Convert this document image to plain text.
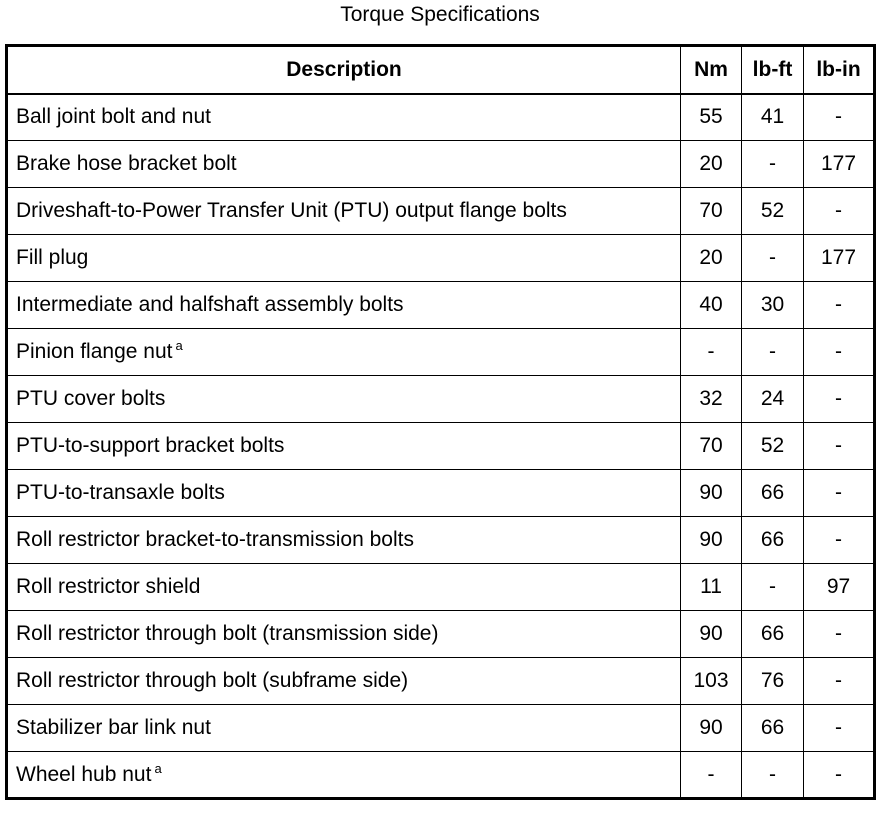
Torque Specifications
Description	Nm	lb-ft	lb-in
Ball joint bolt and nut	55	41	-
Brake hose bracket bolt	20	-	177
Driveshaft-to-Power Transfer Unit (PTU) output flange bolts	70	52	-
Fill plug	20	-	177
Intermediate and halfshaft assembly bolts	40	30	-
Pinion flange nut $^a$	-	-	-
PTU cover bolts	32	24	-
PTU-to-support bracket bolts	70	52	-
PTU-to-transaxle bolts	90	66	-
Roll restrictor bracket-to-transmission bolts	90	66	-
Roll restrictor shield	11	-	97
Roll restrictor through bolt (transmission side)	90	66	-
Roll restrictor through bolt (subframe side)	103	76	-
Stabilizer bar link nut	90	66	-
Wheel hub nut $^a$	-	-	-
